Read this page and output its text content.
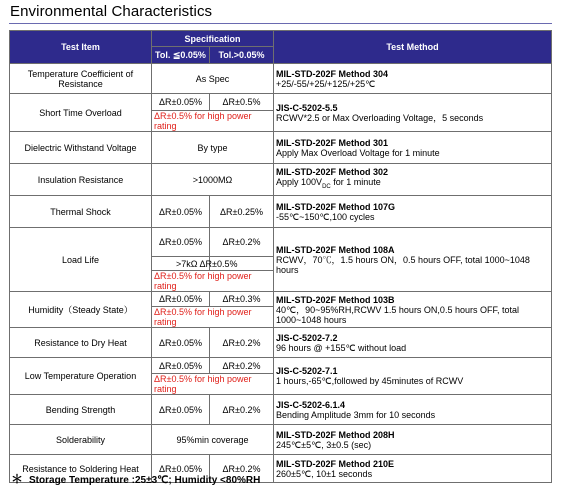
Environmental Characteristics
Test Item	Specification		Test Method
	Tol. ≦0.05%	Tol.>0.05%	
Temperature Coefficient of Resistance	As Spec		MIL-STD-202F Method 304
+25/-55/+25/+125/+25℃

Short Time Overload	ΔR±0.05%	ΔR±0.5%	JIS-C-5202-5.5
RCWV*2.5 or Max Overloading Voltage，5 seconds

	ΔR±0.5% for high power rating		
Dielectric Withstand Voltage	By type		MIL-STD-202F Method 301
Apply Max Overload Voltage for 1 minute

Insulation Resistance	>1000MΩ		MIL-STD-202F Method 302
Apply $100V_{DC}$ for 1 minute

Thermal Shock	ΔR±0.05%	ΔR±0.25%	MIL-STD-202F Method 107G
-55℃~150℃,100 cycles

Load Life	ΔR±0.05%	ΔR±0.2%	MIL-STD-202F Method 108A
RCWV，70℃，1.5 hours ON，0.5 hours OFF, total 1000~1048 hours

		>7kΩ ΔR±0.5%	
	ΔR±0.5% for high power rating		
Humidity（Steady State）	ΔR±0.05%	ΔR±0.3%	MIL-STD-202F Method 103B
40℃，90~95%RH,RCWV 1.5 hours ON,0.5 hours OFF, total
1000~1048 hours

	ΔR±0.5% for high power rating		
Resistance to Dry Heat	ΔR±0.05%	ΔR±0.2%	JIS-C-5202-7.2
96 hours @ +155℃ without load

Low Temperature Operation	ΔR±0.05%	ΔR±0.2%	JIS-C-5202-7.1
1 hours,-65℃,followed by 45minutes of RCWV

	ΔR±0.5% for high power rating		
Bending Strength	ΔR±0.05%	ΔR±0.2%	JIS-C-5202-6.1.4
Bending Amplitude 3mm for 10 seconds

Solderability	95%min coverage		MIL-STD-202F Method 208H
245℃±5℃, 3±0.5 (sec)

Resistance to Soldering Heat	ΔR±0.05%	ΔR±0.2%	MIL-STD-202F Method 210E
260±5℃, 10±1 seconds
＊ Storage Temperature :25±3℃; Humidity <80%RH
